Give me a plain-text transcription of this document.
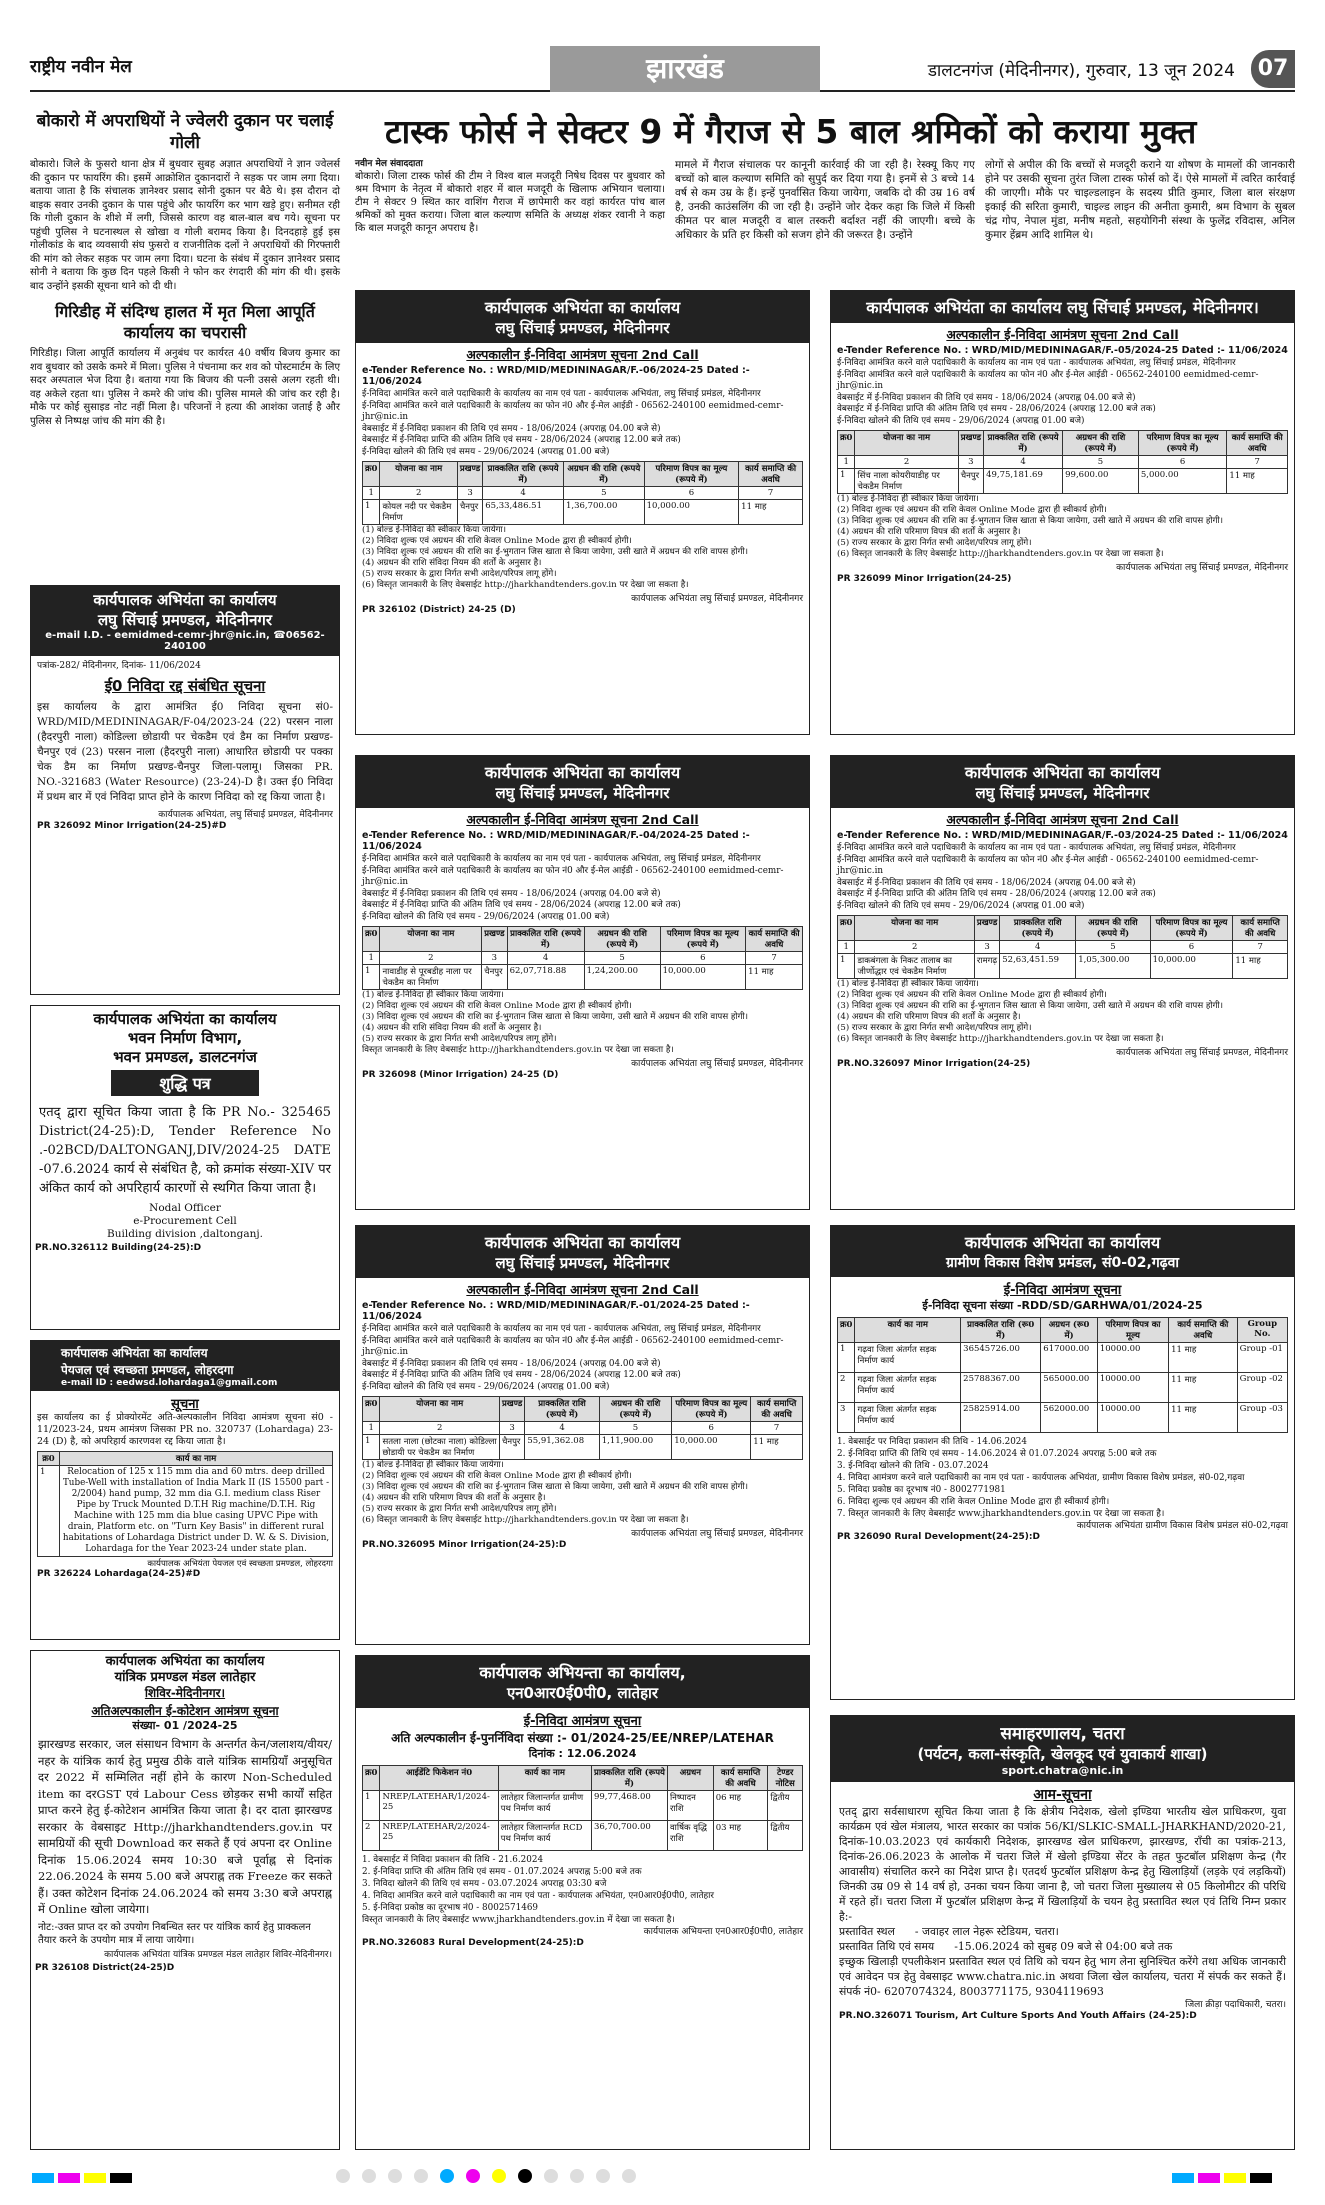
राष्ट्रीय नवीन मेल	झारखंड	डालटनगंज (मेदिनीनगर), गुरुवार, 13 जून 2024	07
बोकारो में अपराधियों ने ज्वेलरी दुकान पर चलाई गोली
बोकारो। जिले के फुसरो थाना क्षेत्र में बुधवार सुबह अज्ञात अपराधियों ने ज्ञान ज्वेलर्स की दुकान पर फायरिंग की। इसमें आक्रोशित दुकानदारों ने सड़क पर जाम लगा दिया। बताया जाता है कि संचालक ज्ञानेश्वर प्रसाद सोनी दुकान पर बैठे थे। इस दौरान दो बाइक सवार उनकी दुकान के पास पहुंचे और फायरिंग कर भाग खड़े हुए। सनीमत रही कि गोली दुकान के शीशे में लगी, जिससे कारण वह बाल-बाल बच गये। सूचना पर पहुंची पुलिस ने घटनास्थल से खोखा व गोली बरामद किया है। दिनदहाड़े हुई इस गोलीकांड के बाद व्यवसायी संघ फुसरो व राजनीतिक दलों ने अपराधियों की गिरफ्तारी की मांग को लेकर सड़क पर जाम लगा दिया। घटना के संबंध में दुकान ज्ञानेश्वर प्रसाद सोनी ने बताया कि कुछ दिन पहले किसी ने फोन कर रंगदारी की मांग की थी। इसके बाद उन्होंने इसकी सूचना थाने को दी थी।
गिरिडीह में संदिग्ध हालत में मृत मिला आपूर्ति कार्यालय का चपरासी
गिरिडीह। जिला आपूर्ति कार्यालय में अनुबंध पर कार्यरत 40 वर्षीय बिजय कुमार का शव बुधवार को उसके कमरे में मिला। पुलिस ने पंचनामा कर शव को पोस्टमार्टम के लिए सदर अस्पताल भेज दिया है। बताया गया कि बिजय की पत्नी उससे अलग रहती थी। वह अकेले रहता था। पुलिस ने कमरे की जांच की। पुलिस मामले की जांच कर रही है। मौके पर कोई सुसाइड नोट नहीं मिला है। परिजनों ने हत्या की आशंका जताई है और पुलिस से निष्पक्ष जांच की मांग की है।
टास्क फोर्स ने सेक्टर 9 में गैराज से 5 बाल श्रमिकों को कराया मुक्त
नवीन मेल संवाददाता
बोकारो। जिला टास्क फोर्स की टीम ने विश्व बाल मजदूरी निषेध दिवस पर बुधवार को श्रम विभाग के नेतृत्व में बोकारो शहर में बाल मजदूरी के खिलाफ अभियान चलाया। टीम ने सेक्टर 9 स्थित कार वाशिंग गैराज में छापेमारी कर वहां कार्यरत पांच बाल श्रमिकों को मुक्त कराया। जिला बाल कल्याण समिति के अध्यक्ष शंकर रवानी ने कहा कि बाल मजदूरी कानून अपराध है।
मामले में गैराज संचालक पर कानूनी कार्रवाई की जा रही है। रेस्क्यू किए गए बच्चों को बाल कल्याण समिति को सुपुर्द कर दिया गया है। इनमें से 3 बच्चे 14 वर्ष से कम उम्र के हैं। इन्हें पुनर्वासित किया जायेगा, जबकि दो की उम्र 16 वर्ष है, उनकी काउंसलिंग की जा रही है। उन्होंने जोर देकर कहा कि जिले में किसी कीमत पर बाल मजदूरी व बाल तस्करी बर्दाश्त नहीं की जाएगी। बच्चे के अधिकार के प्रति हर किसी को सजग होने की जरूरत है। उन्होंने
लोगों से अपील की कि बच्चों से मजदूरी कराने या शोषण के मामलों की जानकारी होने पर उसकी सूचना तुरंत जिला टास्क फोर्स को दें। ऐसे मामलों में त्वरित कार्रवाई की जाएगी। मौके पर चाइल्डलाइन के सदस्य प्रीति कुमार, जिला बाल संरक्षण इकाई की सरिता कुमारी, चाइल्ड लाइन की अनीता कुमारी, श्रम विभाग के सुबल चंद्र गोप, नेपाल मुंडा, मनीष महतो, सहयोगिनी संस्था के फुलेंद्र रविदास, अनिल कुमार हेंब्रम आदि शामिल थे।
कार्यपालक अभियंता का कार्यालय
लघु सिंचाई प्रमण्डल, मेदिनीनगर
e-mail I.D. - eemidmed-cemr-jhr@nic.in, ☎06562-240100
पत्रांक-282/ मेदिनीनगर, दिनांक- 11/06/2024
ई0 निविदा रद्द संबंधित सूचना
इस कार्यालय के द्वारा आमंत्रित ई0 निविदा सूचना सं0-WRD/MID/MEDININAGAR/F-04/2023-24 (22) परसन नाला (हैदरपुरी नाला) कोडिल्ला छोडायी पर चेकडैम एवं डैम का निर्माण प्रखण्ड-चैनपुर एवं (23) परसन नाला (हैदरपुरी नाला) आधारित छोडायी पर पक्का चेक डैम का निर्माण प्रखण्ड-चैनपुर जिला-पलामू। जिसका PR. NO.-321683 (Water Resource) (23-24)-D है। उक्त ई0 निविदा में प्रथम बार में एवं निविदा प्राप्त होने के कारण निविदा को रद्द किया जाता है।
कार्यपालक अभियंता, लघु सिंचाई प्रमण्डल, मेदिनीनगर
PR 326092 Minor Irrigation(24-25)#D
कार्यपालक अभियंता का कार्यालय
भवन निर्माण विभाग,
भवन प्रमण्डल, डालटनगंज
शुद्धि पत्र
एतद् द्वारा सूचित किया जाता है कि PR No.- 325465 District(24-25):D, Tender Reference No .-02BCD/DALTONGANJ,DIV/2024-25 DATE -07.6.2024 कार्य से संबंधित है, को क्रमांक संख्या-XIV पर अंकित कार्य को अपरिहार्य कारणों से स्थगित किया जाता है।
Nodal Officer
e-Procurement Cell
Building division ,daltonganj.
PR.NO.326112 Building(24-25):D
कार्यपालक अभियंता का कार्यालय
पेयजल एवं स्वच्छता प्रमण्डल, लोहरदगा
e-mail ID : eedwsd.lohardaga1@gmail.com
सूचना
इस कार्यालय का ई प्रोक्योरमेंट अति-अल्पकालीन निविदा आमंत्रण सूचना सं0 - 11/2023-24, प्रथम आमंत्रण जिसका PR no. 320737 (Lohardaga) 23-24 (D) है, को अपरिहार्य कारणवश रद्द किया जाता है।
क्र0	कार्य का नाम
1	Relocation of 125 x 115 mm dia and 60 mtrs. deep drilled Tube-Well with installation of India Mark II (IS 15500 part - 2/2004) hand pump, 32 mm dia G.I. medium class Riser Pipe by Truck Mounted D.T.H Rig machine/D.T.H. Rig Machine with 125 mm dia blue casing UPVC Pipe with drain, Platform etc. on "Turn Key Basis" in different rural habitations of Lohardaga District under D. W. & S. Division, Lohardaga for the Year 2023-24 under state plan.
कार्यपालक अभियंता पेयजल एवं स्वच्छता प्रमण्डल, लोहरदगा
PR 326224 Lohardaga(24-25)#D
कार्यपालक अभियंता का कार्यालय
यांत्रिक प्रमण्डल मंडल लातेहार
शिविर-मेदिनीनगर।
अतिअल्पकालीन ई-कोटेशन आमंत्रण सूचना
संख्या- 01 /2024-25
झारखण्ड सरकार, जल संसाधन विभाग के अन्तर्गत केन/जलाशय/वीयर/नहर के यांत्रिक कार्य हेतु प्रमुख ठीके वाले यांत्रिक सामग्रियाँ अनुसूचित दर 2022 में सम्मिलित नहीं होने के कारण Non-Scheduled item का दरGST एवं Labour Cess छोड़कर सभी कार्यों सहित प्राप्त करने हेतु ई-कोटेशन आमंत्रित किया जाता है। दर दाता झारखण्ड सरकार के वेबसाइट Http://jharkhandtenders.gov.in पर सामग्रियों की सूची Download कर सकते हैं एवं अपना दर Online दिनांक 15.06.2024 समय 10:30 बजे पूर्वाह्न से दिनांक 22.06.2024 के समय 5.00 बजे अपराह्न तक Freeze कर सकते हैं। उक्त कोटेशन दिनांक 24.06.2024 को समय 3:30 बजे अपराह्न में Online खोला जायेगा।
नोट:-उक्त प्राप्त दर को उपयोग निबन्धित स्तर पर यांत्रिक कार्य हेतु प्राक्कलन तैयार करने के उपयोग मात्र में लाया जायेगा।
कार्यपालक अभियंता यांत्रिक प्रमण्डल मंडल लातेहार शिविर-मेदिनीनगर।
PR 326108 District(24-25)D
कार्यपालक अभियंता का कार्यालय
लघु सिंचाई प्रमण्डल, मेदिनीनगर
अल्पकालीन ई-निविदा आमंत्रण सूचना 2nd Call
e-Tender Reference No. : WRD/MID/MEDININAGAR/F.-06/2024-25 Dated :- 11/06/2024
ई-निविदा आमंत्रित करने वाले पदाधिकारी के कार्यालय का नाम एवं पता - कार्यपालक अभियंता, लघु सिंचाई प्रमंडल, मेदिनीनगर
ई-निविदा आमंत्रित करने वाले पदाधिकारी के कार्यालय का फोन नं0 और ई-मेल आईडी - 06562-240100 eemidmed-cemr-jhr@nic.in
वेबसाईट में ई-निविदा प्रकाशन की तिथि एवं समय - 18/06/2024 (अपराह्न 04.00 बजे से)
वेबसाईट में ई-निविदा प्राप्ति की अंतिम तिथि एवं समय - 28/06/2024 (अपराह्न 12.00 बजे तक)
ई-निविदा खोलने की तिथि एवं समय - 29/06/2024 (अपराह्न 01.00 बजे)
क्र0	योजना का नाम	प्रखण्ड	प्राक्कलित राशि (रूपये में)	अग्रधन की राशि (रूपये में)	परिमाण विपत्र का मूल्य (रूपये में)	कार्य समाप्ति की अवधि
1	2	3	4	5	6	7
1	कोयल नदी पर चेकडैम निर्माण	चैनपुर	65,33,486.51	1,36,700.00	10,000.00	11 माह
(1) बोल्ड ई-निविदा की स्वीकार किया जायेगा।
(2) निविदा शुल्क एवं अग्रधन की राशि केवल Online Mode द्वारा ही स्वीकार्य होगी।
(3) निविदा शुल्क एवं अग्रधन की राशि का ई-भुगतान जिस खाता से किया जायेगा, उसी खाते में अग्रधन की राशि वापस होगी।
(4) अग्रधन की राशि संविदा नियम की शर्तों के अनुसार है।
(5) राज्य सरकार के द्वारा निर्गत सभी आदेश/परिपत्र लागू होंगे।
(6) विस्तृत जानकारी के लिए वेबसाईट http://jharkhandtenders.gov.in पर देखा जा सकता है।
कार्यपालक अभियंता लघु सिंचाई प्रमण्डल, मेदिनीनगर
PR 326102 (District) 24-25 (D)
कार्यपालक अभियंता का कार्यालय लघु सिंचाई प्रमण्डल, मेदिनीनगर।
अल्पकालीन ई-निविदा आमंत्रण सूचना 2nd Call
e-Tender Reference No. : WRD/MID/MEDININAGAR/F.-05/2024-25 Dated :- 11/06/2024
ई-निविदा आमंत्रित करने वाले पदाधिकारी के कार्यालय का नाम एवं पता - कार्यपालक अभियंता, लघु सिंचाई प्रमंडल, मेदिनीनगर
ई-निविदा आमंत्रित करने वाले पदाधिकारी के कार्यालय का फोन नं0 और ई-मेल आईडी - 06562-240100 eemidmed-cemr-jhr@nic.in
वेबसाईट में ई-निविदा प्रकाशन की तिथि एवं समय - 18/06/2024 (अपराह्न 04.00 बजे से)
वेबसाईट में ई-निविदा प्राप्ति की अंतिम तिथि एवं समय - 28/06/2024 (अपराह्न 12.00 बजे तक)
ई-निविदा खोलने की तिथि एवं समय - 29/06/2024 (अपराह्न 01.00 बजे)
क्र0	योजना का नाम	प्रखण्ड	प्राक्कलित राशि (रूपये में)	अग्रधन की राशि (रूपये में)	परिमाण विपत्र का मूल्य (रूपये में)	कार्य समाप्ति की अवधि
1	2	3	4	5	6	7
1	सिंच नाला कोयरीयाडीह पर चेकडैम निर्माण	चैनपुर	49,75,181.69	99,600.00	5,000.00	11 माह
(1) बोल्ड ई-निविदा ही स्वीकार किया जायेगा।
(2) निविदा शुल्क एवं अग्रधन की राशि केवल Online Mode द्वारा ही स्वीकार्य होगी।
(3) निविदा शुल्क एवं अग्रधन की राशि का ई-भुगतान जिस खाता से किया जायेगा, उसी खाते में अग्रधन की राशि वापस होगी।
(4) अग्रधन की राशि परिमाण विपत्र की शर्तों के अनुसार है।
(5) राज्य सरकार के द्वारा निर्गत सभी आदेश/परिपत्र लागू होंगे।
(6) विस्तृत जानकारी के लिए वेबसाईट http://jharkhandtenders.gov.in पर देखा जा सकता है।
कार्यपालक अभियंता लघु सिंचाई प्रमण्डल, मेदिनीनगर
PR 326099 Minor Irrigation(24-25)
कार्यपालक अभियंता का कार्यालय
लघु सिंचाई प्रमण्डल, मेदिनीनगर
अल्पकालीन ई-निविदा आमंत्रण सूचना 2nd Call
e-Tender Reference No. : WRD/MID/MEDININAGAR/F.-04/2024-25 Dated :- 11/06/2024
ई-निविदा आमंत्रित करने वाले पदाधिकारी के कार्यालय का नाम एवं पता - कार्यपालक अभियंता, लघु सिंचाई प्रमंडल, मेदिनीनगर
ई-निविदा आमंत्रित करने वाले पदाधिकारी के कार्यालय का फोन नं0 और ई-मेल आईडी - 06562-240100 eemidmed-cemr-jhr@nic.in
वेबसाईट में ई-निविदा प्रकाशन की तिथि एवं समय - 18/06/2024 (अपराह्न 04.00 बजे से)
वेबसाईट में ई-निविदा प्राप्ति की अंतिम तिथि एवं समय - 28/06/2024 (अपराह्न 12.00 बजे तक)
ई-निविदा खोलने की तिथि एवं समय - 29/06/2024 (अपराह्न 01.00 बजे)
क्र0	योजना का नाम	प्रखण्ड	प्राक्कलित राशि (रूपये में)	अग्रधन की राशि (रूपये में)	परिमाण विपत्र का मूल्य (रूपये में)	कार्य समाप्ति की अवधि
1	2	3	4	5	6	7
1	नावाडीह से पूरबडीह नाला पर चेकडैम का निर्माण	चैनपुर	62,07,718.88	1,24,200.00	10,000.00	11 माह
(1) बोल्ड ई-निविदा ही स्वीकार किया जायेगा।
(2) निविदा शुल्क एवं अग्रधन की राशि केवल Online Mode द्वारा ही स्वीकार्य होगी।
(3) निविदा शुल्क एवं अग्रधन की राशि का ई-भुगतान जिस खाता से किया जायेगा, उसी खाते में अग्रधन की राशि वापस होगी।
(4) अग्रधन की राशि संविदा नियम की शर्तों के अनुसार है।
(5) राज्य सरकार के द्वारा निर्गत सभी आदेश/परिपत्र लागू होंगे।
विस्तृत जानकारी के लिए वेबसाईट http://jharkhandtenders.gov.in पर देखा जा सकता है।
कार्यपालक अभियंता लघु सिंचाई प्रमण्डल, मेदिनीनगर
PR 326098 (Minor Irrigation) 24-25 (D)
कार्यपालक अभियंता का कार्यालय
लघु सिंचाई प्रमण्डल, मेदिनीनगर
अल्पकालीन ई-निविदा आमंत्रण सूचना 2nd Call
e-Tender Reference No. : WRD/MID/MEDININAGAR/F.-03/2024-25 Dated :- 11/06/2024
ई-निविदा आमंत्रित करने वाले पदाधिकारी के कार्यालय का नाम एवं पता - कार्यपालक अभियंता, लघु सिंचाई प्रमंडल, मेदिनीनगर
ई-निविदा आमंत्रित करने वाले पदाधिकारी के कार्यालय का फोन नं0 और ई-मेल आईडी - 06562-240100 eemidmed-cemr-jhr@nic.in
वेबसाईट में ई-निविदा प्रकाशन की तिथि एवं समय - 18/06/2024 (अपराह्न 04.00 बजे से)
वेबसाईट में ई-निविदा प्राप्ति की अंतिम तिथि एवं समय - 28/06/2024 (अपराह्न 12.00 बजे तक)
ई-निविदा खोलने की तिथि एवं समय - 29/06/2024 (अपराह्न 01.00 बजे)
क्र0	योजना का नाम	प्रखण्ड	प्राक्कलित राशि (रूपये में)	अग्रधन की राशि (रूपये में)	परिमाण विपत्र का मूल्य (रूपये में)	कार्य समाप्ति की अवधि
1	2	3	4	5	6	7
1	डाकबंगला के निकट तालाब का जीर्णोद्धार एवं चेकडैम निर्माण	रामगढ़	52,63,451.59	1,05,300.00	10,000.00	11 माह
(1) बोल्ड ई-निविदा ही स्वीकार किया जायेगा।
(2) निविदा शुल्क एवं अग्रधन की राशि केवल Online Mode द्वारा ही स्वीकार्य होगी।
(3) निविदा शुल्क एवं अग्रधन की राशि का ई-भुगतान जिस खाता से किया जायेगा, उसी खाते में अग्रधन की राशि वापस होगी।
(4) अग्रधन की राशि परिमाण विपत्र की शर्तों के अनुसार है।
(5) राज्य सरकार के द्वारा निर्गत सभी आदेश/परिपत्र लागू होंगे।
(6) विस्तृत जानकारी के लिए वेबसाईट http://jharkhandtenders.gov.in पर देखा जा सकता है।
कार्यपालक अभियंता लघु सिंचाई प्रमण्डल, मेदिनीनगर
PR.NO.326097 Minor Irrigation(24-25)
कार्यपालक अभियंता का कार्यालय
लघु सिंचाई प्रमण्डल, मेदिनीनगर
अल्पकालीन ई-निविदा आमंत्रण सूचना 2nd Call
e-Tender Reference No. : WRD/MID/MEDININAGAR/F.-01/2024-25 Dated :- 11/06/2024
ई-निविदा आमंत्रित करने वाले पदाधिकारी के कार्यालय का नाम एवं पता - कार्यपालक अभियंता, लघु सिंचाई प्रमंडल, मेदिनीनगर
ई-निविदा आमंत्रित करने वाले पदाधिकारी के कार्यालय का फोन नं0 और ई-मेल आईडी - 06562-240100 eemidmed-cemr-jhr@nic.in
वेबसाईट में ई-निविदा प्रकाशन की तिथि एवं समय - 18/06/2024 (अपराह्न 04.00 बजे से)
वेबसाईट में ई-निविदा प्राप्ति की अंतिम तिथि एवं समय - 28/06/2024 (अपराह्न 12.00 बजे तक)
ई-निविदा खोलने की तिथि एवं समय - 29/06/2024 (अपराह्न 01.00 बजे)
क्र0	योजना का नाम	प्रखण्ड	प्राक्कलित राशि (रूपये में)	अग्रधन की राशि (रूपये में)	परिमाण विपत्र का मूल्य (रूपये में)	कार्य समाप्ति की अवधि
1	2	3	4	5	6	7
1	सतला नाला (छोटका नाला) कोडिल्ला छोडायी पर चेकडैम का निर्माण	चैनपुर	55,91,362.08	1,11,900.00	10,000.00	11 माह
(1) बोल्ड ई-निविदा ही स्वीकार किया जायेगा।
(2) निविदा शुल्क एवं अग्रधन की राशि केवल Online Mode द्वारा ही स्वीकार्य होगी।
(3) निविदा शुल्क एवं अग्रधन की राशि का ई-भुगतान जिस खाता से किया जायेगा, उसी खाते में अग्रधन की राशि वापस होगी।
(4) अग्रधन की राशि परिमाण विपत्र की शर्तों के अनुसार है।
(5) राज्य सरकार के द्वारा निर्गत सभी आदेश/परिपत्र लागू होंगे।
(6) विस्तृत जानकारी के लिए वेबसाईट http://jharkhandtenders.gov.in पर देखा जा सकता है।
कार्यपालक अभियंता लघु सिंचाई प्रमण्डल, मेदिनीनगर
PR.NO.326095 Minor Irrigation(24-25):D
कार्यपालक अभियंता का कार्यालय
ग्रामीण विकास विशेष प्रमंडल, सं0-02,गढ़वा
ई-निविदा आमंत्रण सूचना
ई-निविदा सूचना संख्या -RDD/SD/GARHWA/01/2024-25
क्र0	कार्य का नाम	प्राक्कलित राशि (रू0 में)	अग्रधन (रू0 में)	परिमाण विपत्र का मूल्य	कार्य समाप्ति की अवधि	Group No.
1	गढ़वा जिला अंतर्गत सड़क निर्माण कार्य	36545726.00	617000.00	10000.00	11 माह	Group -01
2	गढ़वा जिला अंतर्गत सड़क निर्माण कार्य	25788367.00	565000.00	10000.00	11 माह	Group -02
3	गढ़वा जिला अंतर्गत सड़क निर्माण कार्य	25825914.00	562000.00	10000.00	11 माह	Group -03
1. वेबसाईट पर निविदा प्रकाशन की तिथि - 14.06.2024
2. ई-निविदा प्राप्ति की तिथि एवं समय - 14.06.2024 से 01.07.2024 अपराह्न 5:00 बजे तक
3. ई-निविदा खोलने की तिथि - 03.07.2024
4. निविदा आमंत्रण करने वाले पदाधिकारी का नाम एवं पता - कार्यपालक अभियंता, ग्रामीण विकास विशेष प्रमंडल, सं0-02,गढ़वा
5. निविदा प्रकोष्ठ का दूरभाष नं0 - 8002771981
6. निविदा शुल्क एवं अग्रधन की राशि केवल Online Mode द्वारा ही स्वीकार्य होगी।
7. विस्तृत जानकारी के लिए वेबसाईट www.jharkhandtenders.gov.in पर देखा जा सकता है।
कार्यपालक अभियंता ग्रामीण विकास विशेष प्रमंडल सं0-02,गढ़वा
PR 326090 Rural Development(24-25):D
कार्यपालक अभियन्ता का कार्यालय,
एन0आर0ई0पी0, लातेहार
ई-निविदा आमंत्रण सूचना
अति अल्पकालीन ई-पुनर्निविदा संख्या :- 01/2024-25/EE/NREP/LATEHAR
दिनांक : 12.06.2024
क्र0	आईडेंटि फिकेशन नं0	कार्य का नाम	प्राक्कलित राशि (रूपये में)	अग्रधन	कार्य समाप्ति की अवधि	टेण्डर नोटिस
1	NREP/LATEHAR/1/2024-25	लातेहार जिलान्तर्गत ग्रामीण पथ निर्माण कार्य	99,77,468.00	निष्पादन राशि	06 माह	द्वितीय
2	NREP/LATEHAR/2/2024-25	लातेहार जिलान्तर्गत RCD पथ निर्माण कार्य	36,70,700.00	वार्षिक वृद्धि राशि	03 माह	द्वितीय
1. वेबसाईट में निविदा प्रकाशन की तिथि - 21.6.2024
2. ई-निविदा प्राप्ति की अंतिम तिथि एवं समय - 01.07.2024 अपराह्न 5:00 बजे तक
3. निविदा खोलने की तिथि एवं समय - 03.07.2024 अपराह्न 03:30 बजे
4. निविदा आमंत्रित करने वाले पदाधिकारी का नाम एवं पता - कार्यपालक अभियंता, एन0आर0ई0पी0, लातेहार
5. ई-निविदा प्रकोष्ठ का दूरभाष नं0 - 8002571469
विस्तृत जानकारी के लिए वेबसाईट www.jharkhandtenders.gov.in में देखा जा सकता है।
कार्यपालक अभियन्ता एन0आर0ई0पी0, लातेहार
PR.NO.326083 Rural Development(24-25):D
समाहरणालय, चतरा
(पर्यटन, कला-संस्कृति, खेलकूद एवं युवाकार्य शाखा)
sport.chatra@nic.in
आम-सूचना
एतद् द्वारा सर्वसाधारण सूचित किया जाता है कि क्षेत्रीय निदेशक, खेलो इण्डिया भारतीय खेल प्राधिकरण, युवा कार्यक्रम एवं खेल मंत्रालय, भारत सरकार का पत्रांक 56/KI/SLKIC-SMALL-JHARKHAND/2020-21, दिनांक-10.03.2023 एवं कार्यकारी निदेशक, झारखण्ड खेल प्राधिकरण, झारखण्ड, राँची का पत्रांक-213, दिनांक-26.06.2023 के आलोक में चतरा जिले में खेलो इण्डिया सेंटर के तहत फुटबॉल प्रशिक्षण केन्द्र (गैर आवासीय) संचालित करने का निदेश प्राप्त है। एतदर्थ फुटबॉल प्रशिक्षण केन्द्र हेतु खिलाड़ियों (लड़के एवं लड़कियों) जिनकी उम्र 09 से 14 वर्ष हो, उनका चयन किया जाना है, जो चतरा जिला मुख्यालय से 05 किलोमीटर की परिधि में रहते हों। चतरा जिला में फुटबॉल प्रशिक्षण केन्द्र में खिलाड़ियों के चयन हेतु प्रस्तावित स्थल एवं तिथि निम्न प्रकार है:-
प्रस्तावित स्थल - जवाहर लाल नेहरू स्टेडियम, चतरा।
प्रस्तावित तिथि एवं समय -15.06.2024 को सुबह 09 बजे से 04:00 बजे तक
इच्छुक खिलाड़ी एपलीकेशन प्रस्तावित स्थल एवं तिथि को चयन हेतु भाग लेना सुनिश्चित करेंगे तथा अधिक जानकारी एवं आवेदन पत्र हेतु वेबसाइट www.chatra.nic.in अथवा जिला खेल कार्यालय, चतरा में संपर्क कर सकते हैं। संपर्क नं0- 6207074324, 8003771175, 9304119693
जिला क्रीड़ा पदाधिकारी, चतरा।
PR.NO.326071 Tourism, Art Culture Sports And Youth Affairs (24-25):D
